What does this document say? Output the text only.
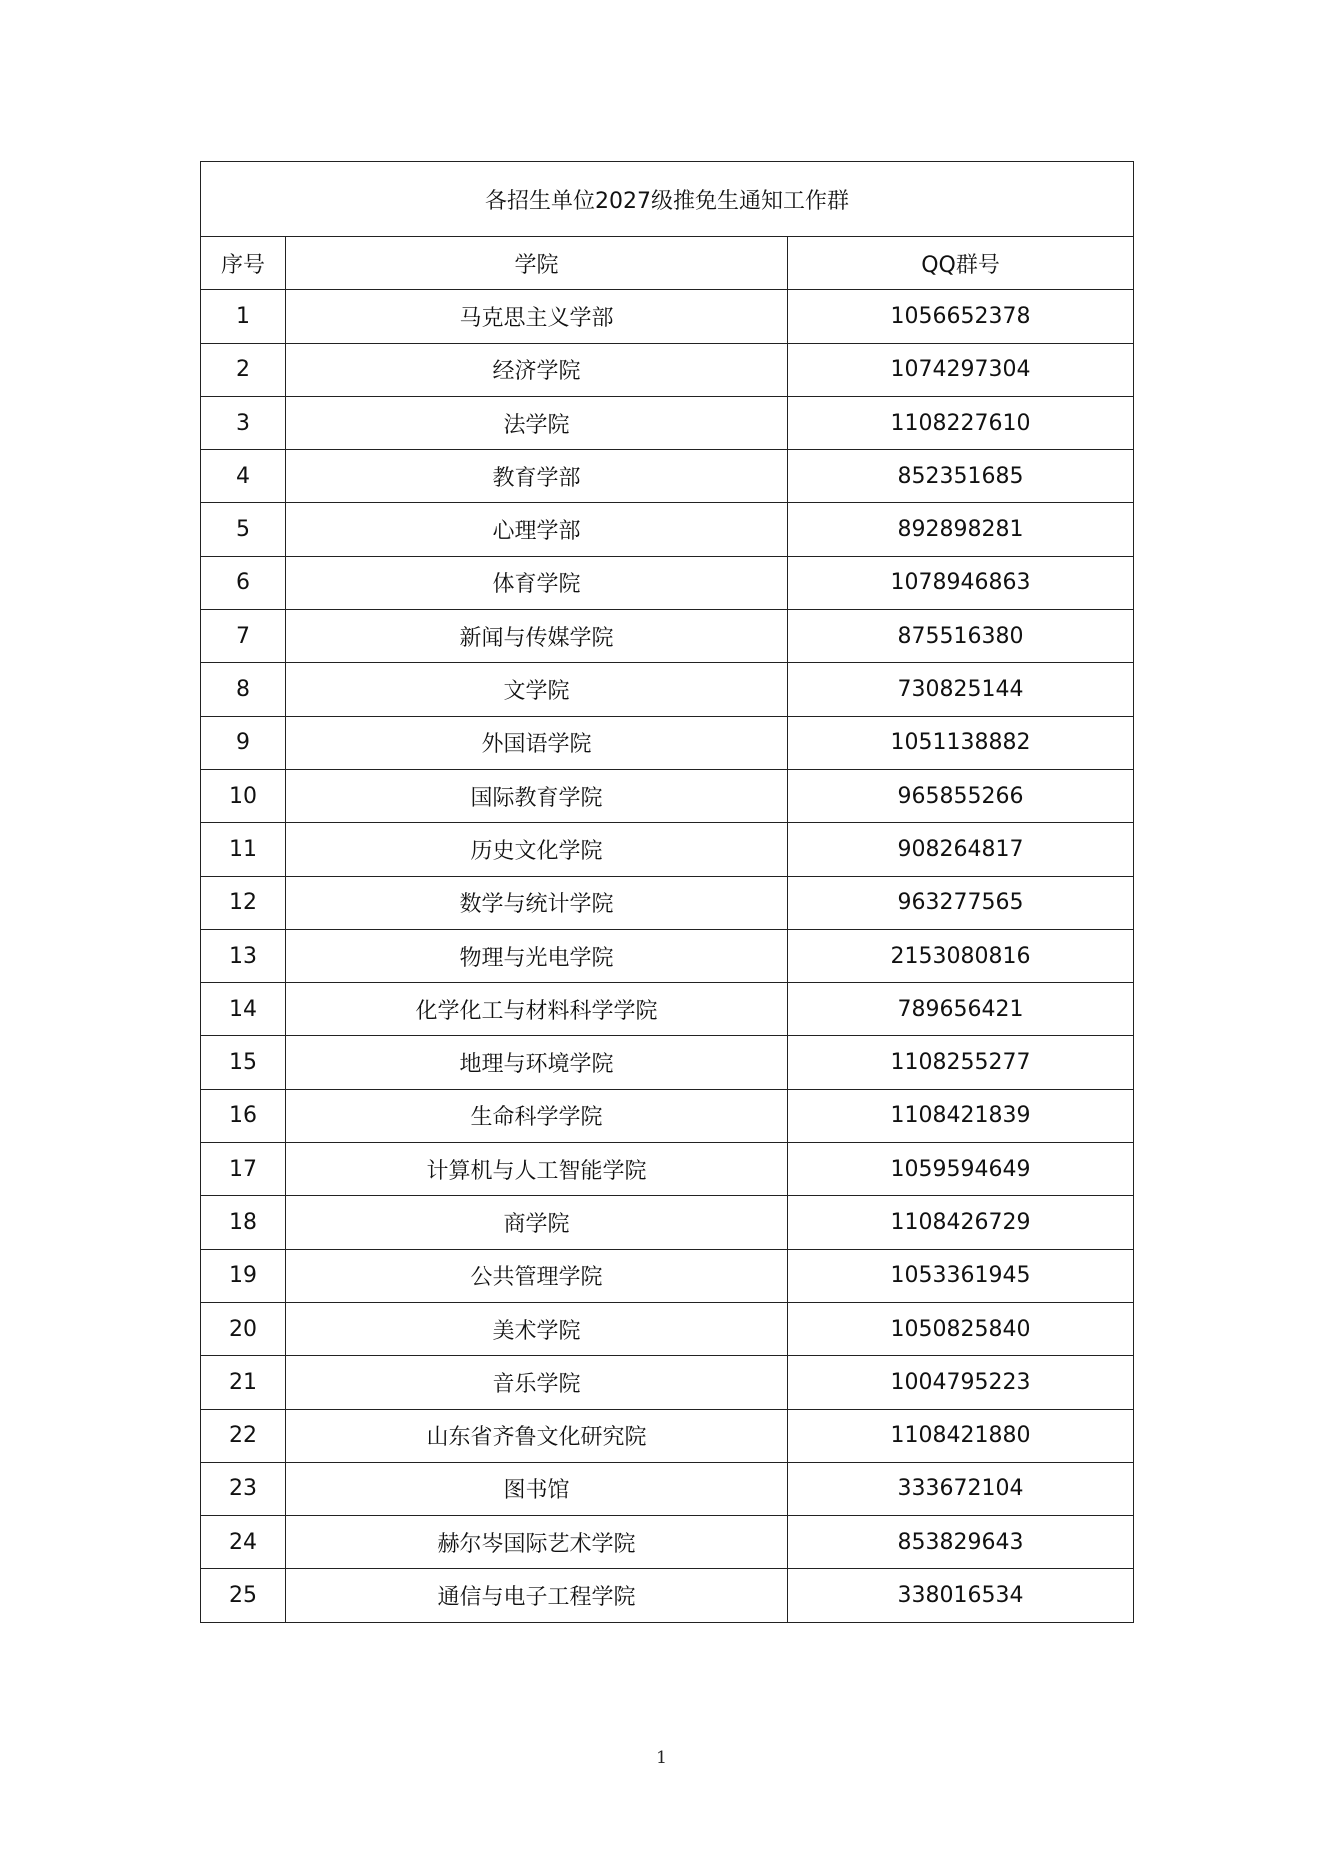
各招生单位2027级推免生通知工作群		
序号	学院	QQ群号
1	马克思主义学部	1056652378
2	经济学院	1074297304
3	法学院	1108227610
4	教育学部	852351685
5	心理学部	892898281
6	体育学院	1078946863
7	新闻与传媒学院	875516380
8	文学院	730825144
9	外国语学院	1051138882
10	国际教育学院	965855266
11	历史文化学院	908264817
12	数学与统计学院	963277565
13	物理与光电学院	2153080816
14	化学化工与材料科学学院	789656421
15	地理与环境学院	1108255277
16	生命科学学院	1108421839
17	计算机与人工智能学院	1059594649
18	商学院	1108426729
19	公共管理学院	1053361945
20	美术学院	1050825840
21	音乐学院	1004795223
22	山东省齐鲁文化研究院	1108421880
23	图书馆	333672104
24	赫尔岑国际艺术学院	853829643
25	通信与电子工程学院	338016534
1
